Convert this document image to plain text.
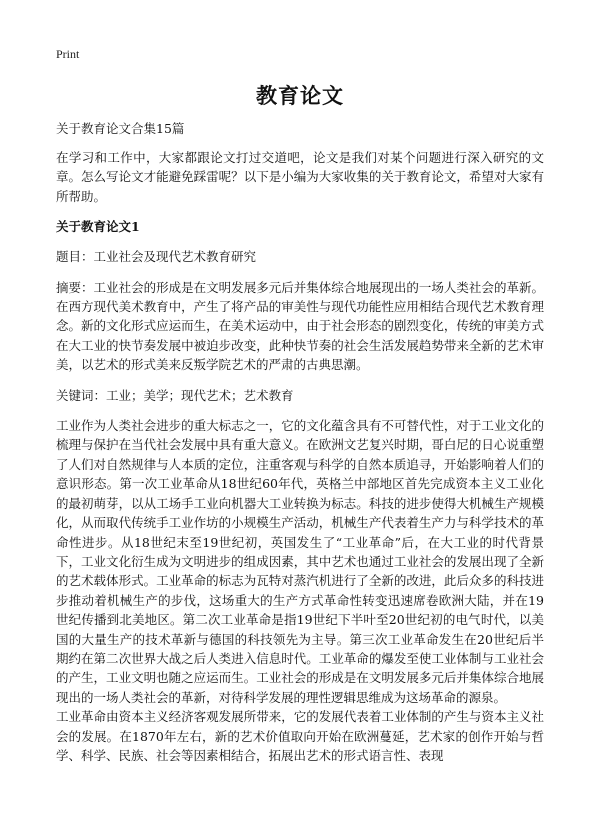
Print
教育论文
关于教育论文合集15篇

在学习和工作中，大家都跟论文打过交道吧，论文是我们对某个问题进行深入研究的文章。怎么写论文才能避免踩雷呢？以下是小编为大家收集的关于教育论文，希望对大家有所帮助。

关于教育论文1

题目：工业社会及现代艺术教育研究

摘要：工业社会的形成是在文明发展多元后并集体综合地展现出的一场人类社会的革新。在西方现代美术教育中，产生了将产品的审美性与现代功能性应用相结合现代艺术教育理念。新的文化形式应运而生，在美术运动中，由于社会形态的剧烈变化，传统的审美方式在大工业的快节奏发展中被迫步改变，此种快节奏的社会生活发展趋势带来全新的艺术审美，以艺术的形式美来反叛学院艺术的严肃的古典思潮。

关键词：工业；美学；现代艺术；艺术教育

工业作为人类社会进步的重大标志之一，它的文化蕴含具有不可替代性，对于工业文化的梳理与保护在当代社会发展中具有重大意义。在欧洲文艺复兴时期，哥白尼的日心说重塑了人们对自然规律与人本质的定位，注重客观与科学的自然本质追寻，开始影响着人们的意识形态。第一次工业革命从18世纪60年代，英格兰中部地区首先完成资本主义工业化的最初萌芽，以从工场手工业向机器大工业转换为标志。科技的进步使得大机械生产规模化，从而取代传统手工业作坊的小规模生产活动，机械生产代表着生产力与科学技术的革命性进步。从18世纪末至19世纪初，英国发生了“工业革命”后，在大工业的时代背景下，工业文化衍生成为文明进步的组成因素，其中艺术也通过工业社会的发展出现了全新的艺术载体形式。工业革命的标志为瓦特对蒸汽机进行了全新的改进，此后众多的科技进步推动着机械生产的步伐，这场重大的生产方式革命性转变迅速席卷欧洲大陆，并在19世纪传播到北美地区。第二次工业革命是指19世纪下半叶至20世纪初的电气时代，以美国的大量生产的技术革新与德国的科技领先为主导。第三次工业革命发生在20世纪后半期约在第二次世界大战之后人类进入信息时代。工业革命的爆发至使工业体制与工业社会的产生，工业文明也随之应运而生。工业社会的形成是在文明发展多元后并集体综合地展现出的一场人类社会的革新，对待科学发展的理性逻辑思维成为这场革命的源泉。

工业革命由资本主义经济客观发展所带来，它的发展代表着工业体制的产生与资本主义社会的发展。在1870年左右，新的艺术价值取向开始在欧洲蔓延，艺术家的创作开始与哲学、科学、民族、社会等因素相结合，拓展出艺术的形式语言性、表现
